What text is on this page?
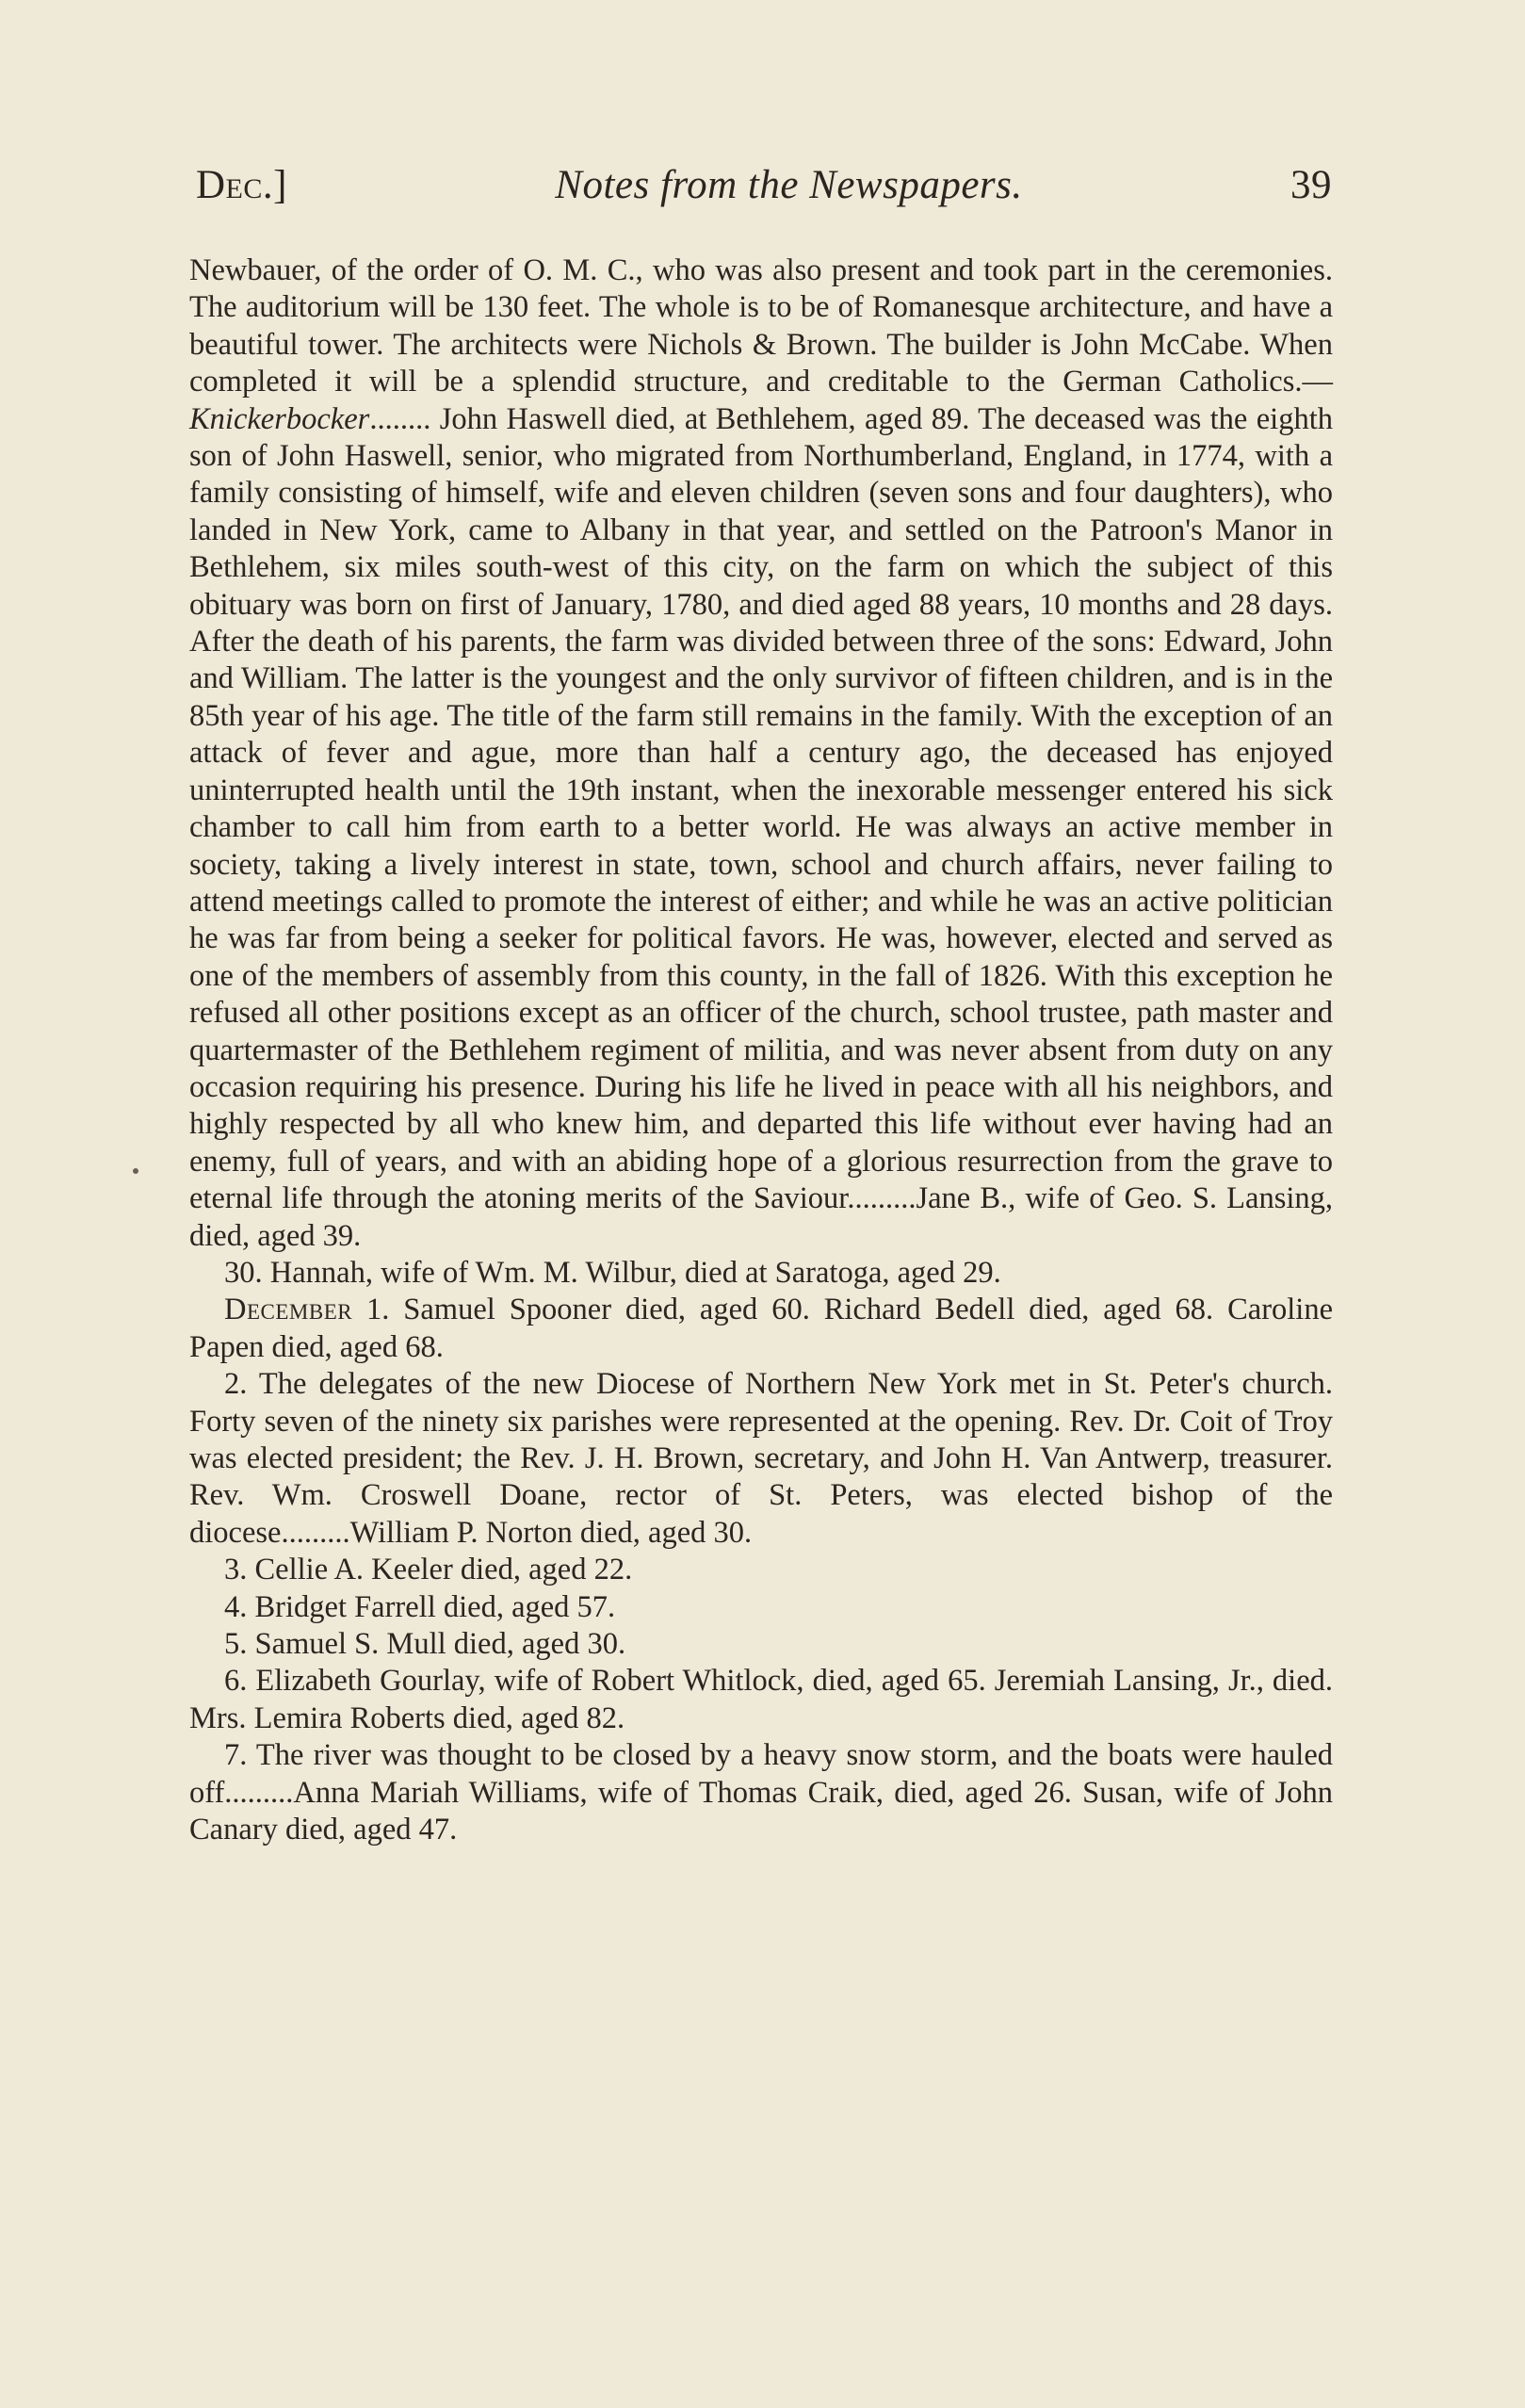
Dec.]	Notes from the Newspapers.	39

Newbauer, of the order of O. M. C., who was also present and took part in the ceremonies. The auditorium will be 130 feet. The whole is to be of Romanesque architecture, and have a beautiful tower. The architects were Nichols & Brown. The builder is John McCabe. When completed it will be a splendid structure, and creditable to the German Catholics.—Knickerbocker........ John Haswell died, at Bethlehem, aged 89. The deceased was the eighth son of John Haswell, senior, who migrated from Northumberland, England, in 1774, with a family consisting of himself, wife and eleven children (seven sons and four daughters), who landed in New York, came to Albany in that year, and settled on the Patroon's Manor in Bethlehem, six miles south-west of this city, on the farm on which the subject of this obituary was born on first of January, 1780, and died aged 88 years, 10 months and 28 days. After the death of his parents, the farm was divided between three of the sons: Edward, John and William. The latter is the youngest and the only survivor of fifteen children, and is in the 85th year of his age. The title of the farm still remains in the family. With the exception of an attack of fever and ague, more than half a century ago, the deceased has enjoyed uninterrupted health until the 19th instant, when the inexorable messenger entered his sick chamber to call him from earth to a better world. He was always an active member in society, taking a lively interest in state, town, school and church affairs, never failing to attend meetings called to promote the interest of either; and while he was an active politician he was far from being a seeker for political favors. He was, however, elected and served as one of the members of assembly from this county, in the fall of 1826. With this exception he refused all other positions except as an officer of the church, school trustee, path master and quartermaster of the Bethlehem regiment of militia, and was never absent from duty on any occasion requiring his presence. During his life he lived in peace with all his neighbors, and highly respected by all who knew him, and departed this life without ever having had an enemy, full of years, and with an abiding hope of a glorious resurrection from the grave to eternal life through the atoning merits of the Saviour.........Jane B., wife of Geo. S. Lansing, died, aged 39.

30. Hannah, wife of Wm. M. Wilbur, died at Saratoga, aged 29.

December 1. Samuel Spooner died, aged 60. Richard Bedell died, aged 68. Caroline Papen died, aged 68.

2. The delegates of the new Diocese of Northern New York met in St. Peter's church. Forty seven of the ninety six parishes were represented at the opening. Rev. Dr. Coit of Troy was elected president; the Rev. J. H. Brown, secretary, and John H. Van Antwerp, treasurer. Rev. Wm. Croswell Doane, rector of St. Peters, was elected bishop of the diocese.........William P. Norton died, aged 30.

3. Cellie A. Keeler died, aged 22.

4. Bridget Farrell died, aged 57.

5. Samuel S. Mull died, aged 30.

6. Elizabeth Gourlay, wife of Robert Whitlock, died, aged 65. Jeremiah Lansing, Jr., died. Mrs. Lemira Roberts died, aged 82.

7. The river was thought to be closed by a heavy snow storm, and the boats were hauled off.........Anna Mariah Williams, wife of Thomas Craik, died, aged 26. Susan, wife of John Canary died, aged 47.
